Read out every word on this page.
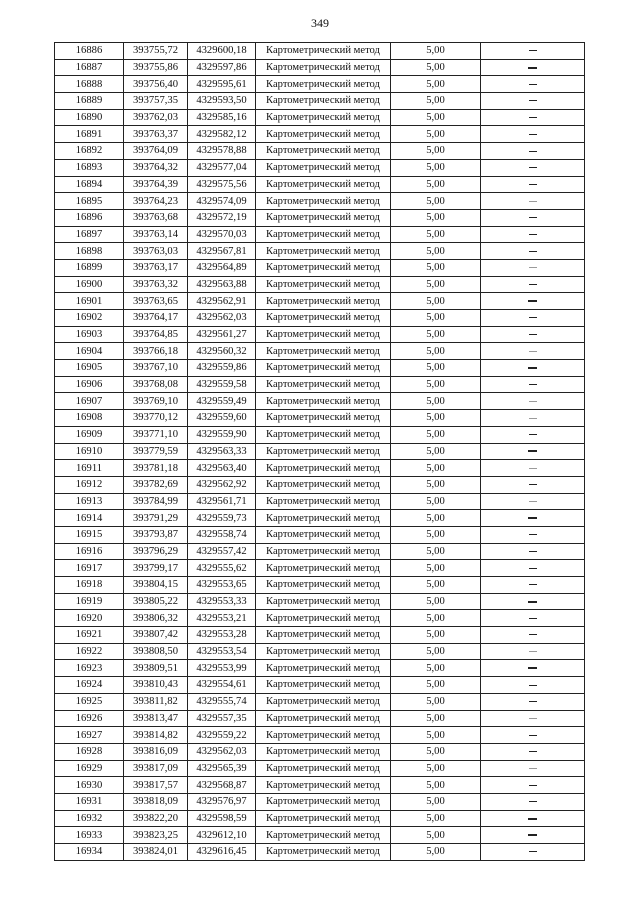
349
16886	393755,72	4329600,18	Картометрический метод	5,00	
16887	393755,86	4329597,86	Картометрический метод	5,00	
16888	393756,40	4329595,61	Картометрический метод	5,00	
16889	393757,35	4329593,50	Картометрический метод	5,00	
16890	393762,03	4329585,16	Картометрический метод	5,00	
16891	393763,37	4329582,12	Картометрический метод	5,00	
16892	393764,09	4329578,88	Картометрический метод	5,00	
16893	393764,32	4329577,04	Картометрический метод	5,00	
16894	393764,39	4329575,56	Картометрический метод	5,00	
16895	393764,23	4329574,09	Картометрический метод	5,00	
16896	393763,68	4329572,19	Картометрический метод	5,00	
16897	393763,14	4329570,03	Картометрический метод	5,00	
16898	393763,03	4329567,81	Картометрический метод	5,00	
16899	393763,17	4329564,89	Картометрический метод	5,00	
16900	393763,32	4329563,88	Картометрический метод	5,00	
16901	393763,65	4329562,91	Картометрический метод	5,00	
16902	393764,17	4329562,03	Картометрический метод	5,00	
16903	393764,85	4329561,27	Картометрический метод	5,00	
16904	393766,18	4329560,32	Картометрический метод	5,00	
16905	393767,10	4329559,86	Картометрический метод	5,00	
16906	393768,08	4329559,58	Картометрический метод	5,00	
16907	393769,10	4329559,49	Картометрический метод	5,00	
16908	393770,12	4329559,60	Картометрический метод	5,00	
16909	393771,10	4329559,90	Картометрический метод	5,00	
16910	393779,59	4329563,33	Картометрический метод	5,00	
16911	393781,18	4329563,40	Картометрический метод	5,00	
16912	393782,69	4329562,92	Картометрический метод	5,00	
16913	393784,99	4329561,71	Картометрический метод	5,00	
16914	393791,29	4329559,73	Картометрический метод	5,00	
16915	393793,87	4329558,74	Картометрический метод	5,00	
16916	393796,29	4329557,42	Картометрический метод	5,00	
16917	393799,17	4329555,62	Картометрический метод	5,00	
16918	393804,15	4329553,65	Картометрический метод	5,00	
16919	393805,22	4329553,33	Картометрический метод	5,00	
16920	393806,32	4329553,21	Картометрический метод	5,00	
16921	393807,42	4329553,28	Картометрический метод	5,00	
16922	393808,50	4329553,54	Картометрический метод	5,00	
16923	393809,51	4329553,99	Картометрический метод	5,00	
16924	393810,43	4329554,61	Картометрический метод	5,00	
16925	393811,82	4329555,74	Картометрический метод	5,00	
16926	393813,47	4329557,35	Картометрический метод	5,00	
16927	393814,82	4329559,22	Картометрический метод	5,00	
16928	393816,09	4329562,03	Картометрический метод	5,00	
16929	393817,09	4329565,39	Картометрический метод	5,00	
16930	393817,57	4329568,87	Картометрический метод	5,00	
16931	393818,09	4329576,97	Картометрический метод	5,00	
16932	393822,20	4329598,59	Картометрический метод	5,00	
16933	393823,25	4329612,10	Картометрический метод	5,00	
16934	393824,01	4329616,45	Картометрический метод	5,00	
